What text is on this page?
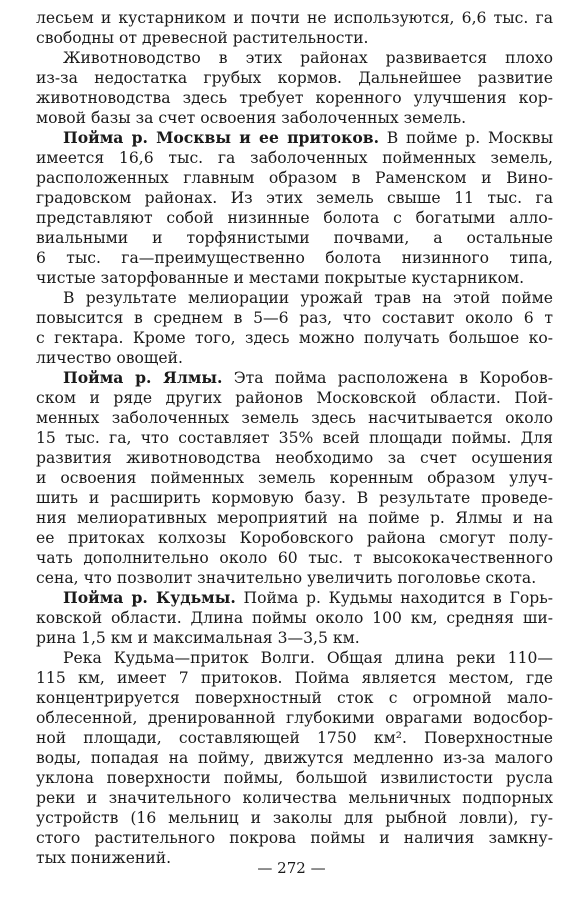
лесьем и кустарником и почти не используются, 6,6 тыс. га
свободны от древесной растительности.
Животноводство в этих районах развивается плохо
из-за недостатка грубых кормов. Дальнейшее развитие
животноводства здесь требует коренного улучшения кор-
мовой базы за счет освоения заболоченных земель.
Пойма р. Москвы и ее притоков. В пойме р. Москвы
имеется 16,6 тыс. га заболоченных пойменных земель,
расположенных главным образом в Раменском и Вино-
градовском районах. Из этих земель свыше 11 тыс. га
представляют собой низинные болота с богатыми алло-
виальными и торфянистыми почвами, а остальные
6 тыс. га—преимущественно болота низинного типа,
чистые заторфованные и местами покрытые кустарником.
В результате мелиорации урожай трав на этой пойме
повысится в среднем в 5—6 раз, что составит около 6 т
с гектара. Кроме того, здесь можно получать большое ко-
личество овощей.
Пойма р. Ялмы. Эта пойма расположена в Коробов-
ском и ряде других районов Московской области. Пой-
менных заболоченных земель здесь насчитывается около
15 тыс. га, что составляет 35% всей площади поймы. Для
развития животноводства необходимо за счет осушения
и освоения пойменных земель коренным образом улуч-
шить и расширить кормовую базу. В результате проведе-
ния мелиоративных мероприятий на пойме р. Ялмы и на
ее притоках колхозы Коробовского района смогут полу-
чать дополнительно около 60 тыс. т высококачественного
сена, что позволит значительно увеличить поголовье скота.
Пойма р. Кудьмы. Пойма р. Кудьмы находится в Горь-
ковской области. Длина поймы около 100 км, средняя ши-
рина 1,5 км и максимальная 3—3,5 км.
Река Кудьма—приток Волги. Общая длина реки 110—
115 км, имеет 7 притоков. Пойма является местом, где
концентрируется поверхностный сток с огромной мало-
облесенной, дренированной глубокими оврагами водосбор-
ной площади, составляющей 1750 км². Поверхностные
воды, попадая на пойму, движутся медленно из-за малого
уклона поверхности поймы, большой извилистости русла
реки и значительного количества мельничных подпорных
устройств (16 мельниц и заколы для рыбной ловли), гу-
стого растительного покрова поймы и наличия замкну-
тых понижений.
— 272 —
